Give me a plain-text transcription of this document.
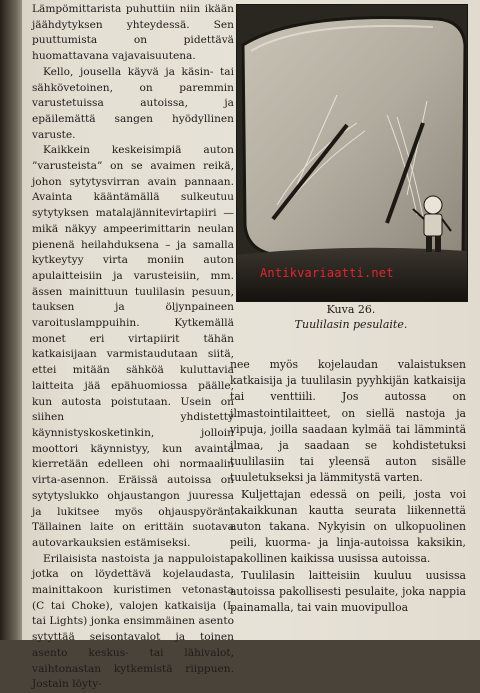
Lämpömittarista puhuttiin niin ikään jäähdytyksen yhteydessä. Sen puuttumista on pidettävä huomattavana vajavaisuutena.

Kello, jousella käyvä ja käsin- tai sähkövetoinen, on paremmin varustetuissa autoissa, ja epäilemättä sangen hyödyllinen varuste.

Kaikkein keskeisimpiä auton ”varusteista” on se avaimen reikä, johon sytytysvirran avain pannaan. Avainta kääntämällä sulkeutuu sytytyksen matalajännitevirtapiiri — mikä näkyy ampeerimittarin neulan pienenä heilahduksena – ja samalla kytkeytyy virta moniin auton apulaitteisiin ja varusteisiin, mm. ässen mainittuun tuulilasin pesuun, tauksen ja öljynpaineen varoituslamppuihin. Kytkemällä monet eri virtapiirit tähän katkaisijaan varmistaudutaan siitä, ettei mitään sähköä kuluttavia laitteita jää epähuomiossa päälle, kun autosta poistutaan. Usein on siihen yhdistetty käynnistyskosketinkin, jolloin moottori käynnistyy, kun avainta kierretään edelleen ohi normaalin virta-asennon. Eräissä autoissa on sytytyslukko ohjaustangon juuressa ja lukitsee myös ohjauspyörän. Tällainen laite on erittäin suotava autovarkauksien estämiseksi.

Erilaisista nastoista ja nappuloista, jotka on löydettävä kojelaudasta, mainittakoon kuristimen vetonasta (C tai Choke), valojen katkaisija (L tai Lights) jonka ensimmäinen asento sytyttää seisontavalot ja toinen asento keskus- tai lähivalot, vaihtonastan kytkemistä riippuen. Jostain löyty-

Kuva 26.
Tuulilasin pesulaite.
Antikvariaatti.net

nee myös kojelaudan valaistuksen katkaisija ja tuulilasin pyyhkijän katkaisija tai venttiili. Jos autossa on ilmastointilaitteet, on siellä nastoja ja vipuja, joilla saadaan kylmää tai lämmintä ilmaa, ja saadaan se kohdistetuksi tuulilasiin tai yleensä auton sisälle tuuletukseksi ja lämmitystä varten.

Kuljettajan edessä on peili, josta voi takaikkunan kautta seurata liikennettä auton takana. Nykyisin on ulkopuolinen peili, kuorma- ja linja-autoissa kaksikin, pakollinen kaikissa uusissa autoissa.

Tuulilasin laitteisiin kuuluu uusissa autoissa pakollisesti pesulaite, joka nappia painamalla, tai vain muovipulloa
